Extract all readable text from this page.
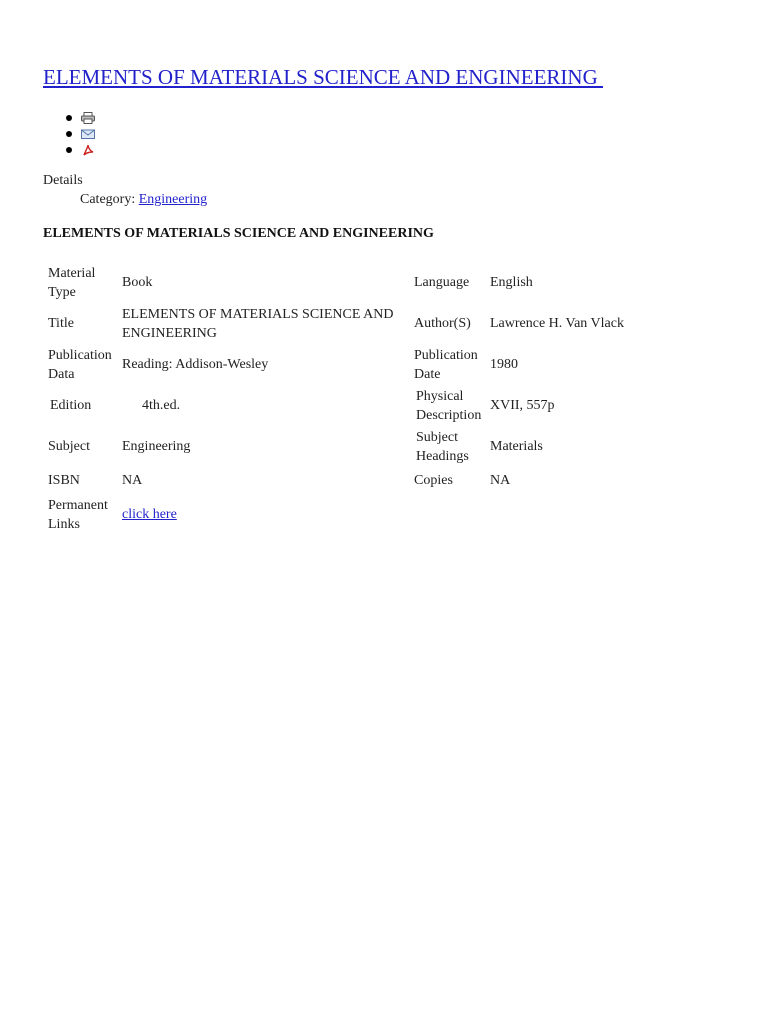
ELEMENTS OF MATERIALS SCIENCE AND ENGINEERING
Details
Category: Engineering
ELEMENTS OF MATERIALS SCIENCE AND ENGINEERING
Material Type	Book	Language	English
Title	ELEMENTS OF MATERIALS SCIENCE AND ENGINEERING	Author(S)	Lawrence H. Van Vlack
Publication Data	Reading: Addison-Wesley	Publication Date	1980
Edition	4th.ed.	Physical Description	XVII, 557p
Subject	Engineering	Subject Headings	Materials
ISBN	NA	Copies	NA
Permanent Links	click here		
